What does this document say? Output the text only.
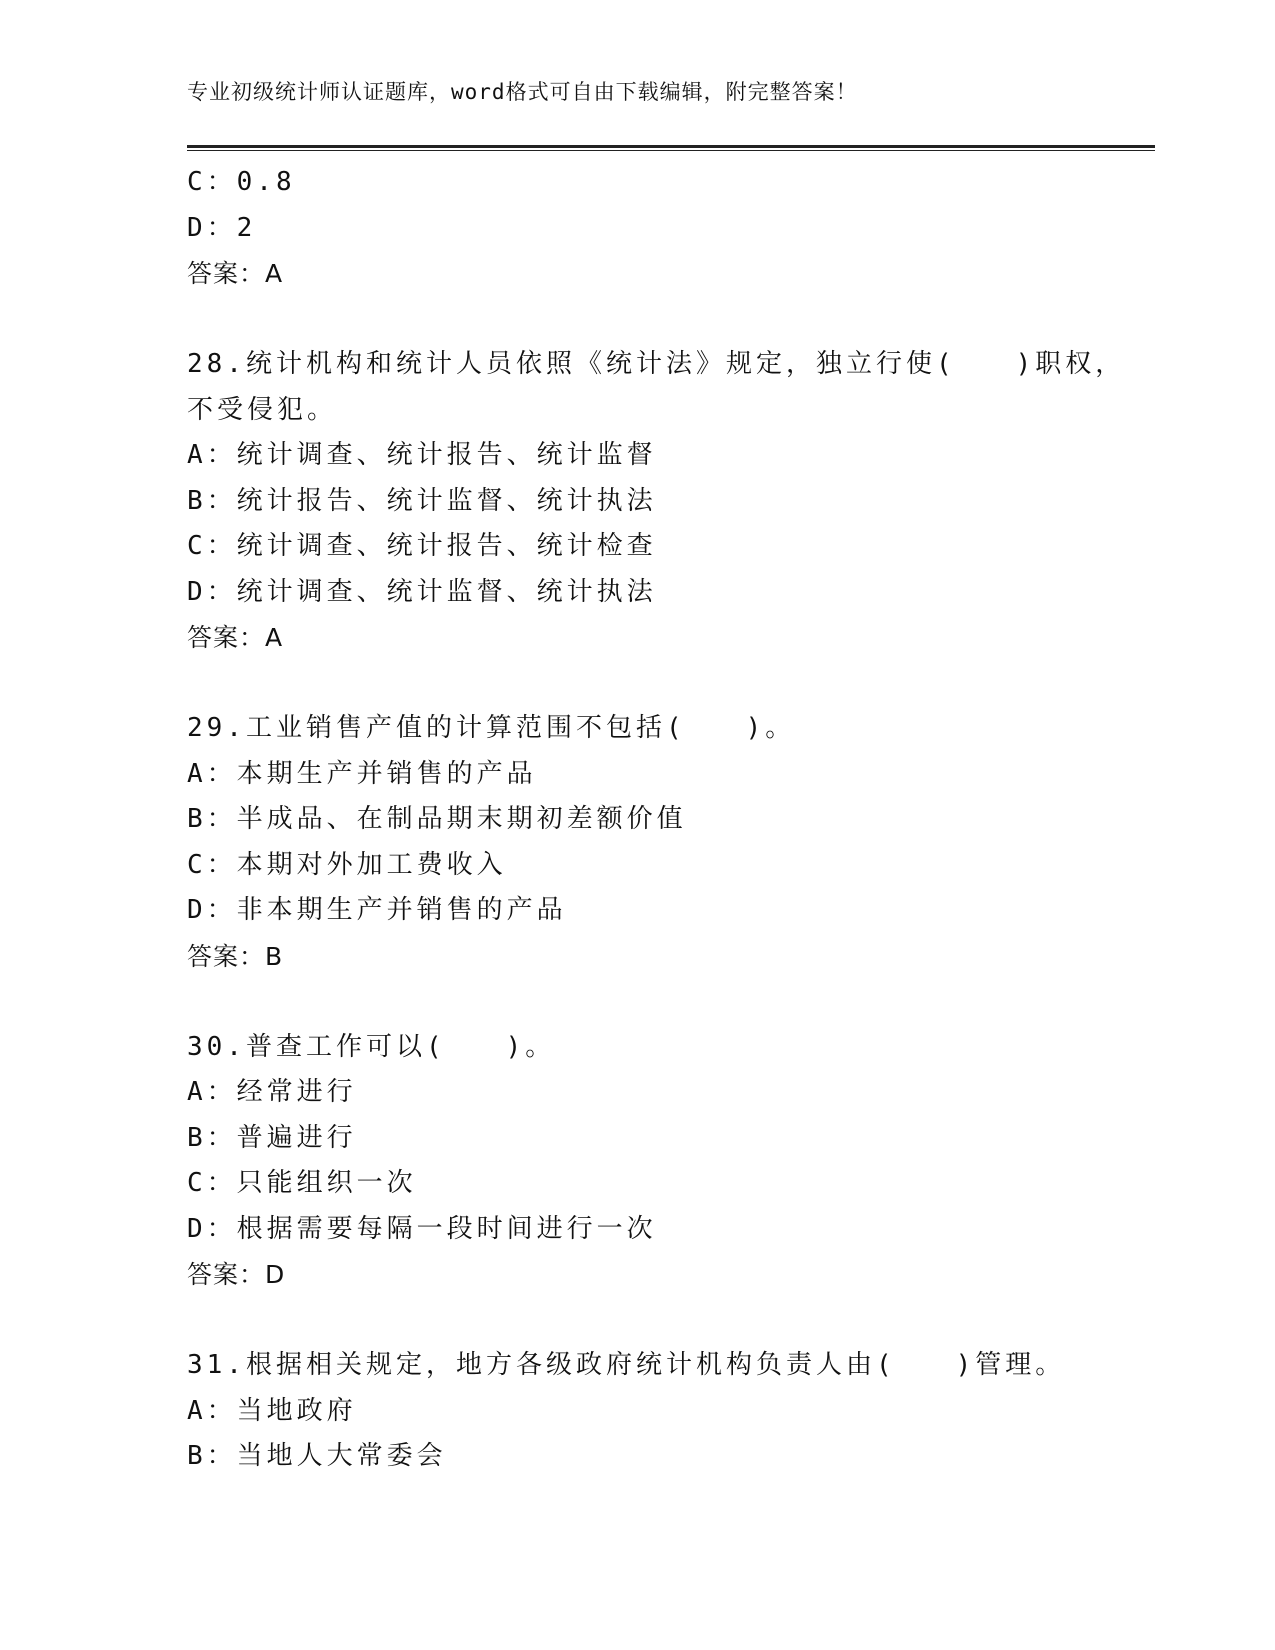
专业初级统计师认证题库，word格式可自由下载编辑，附完整答案！
C：0.8
D：2
答案：A
28.统计机构和统计人员依照《统计法》规定，独立行使(　　)职权，
不受侵犯。
A：统计调查、统计报告、统计监督
B：统计报告、统计监督、统计执法
C：统计调查、统计报告、统计检查
D：统计调查、统计监督、统计执法
答案：A
29.工业销售产值的计算范围不包括(　　)。
A：本期生产并销售的产品
B：半成品、在制品期末期初差额价值
C：本期对外加工费收入
D：非本期生产并销售的产品
答案：B
30.普查工作可以(　　)。
A：经常进行
B：普遍进行
C：只能组织一次
D：根据需要每隔一段时间进行一次
答案：D
31.根据相关规定，地方各级政府统计机构负责人由(　　)管理。
A：当地政府
B：当地人大常委会
